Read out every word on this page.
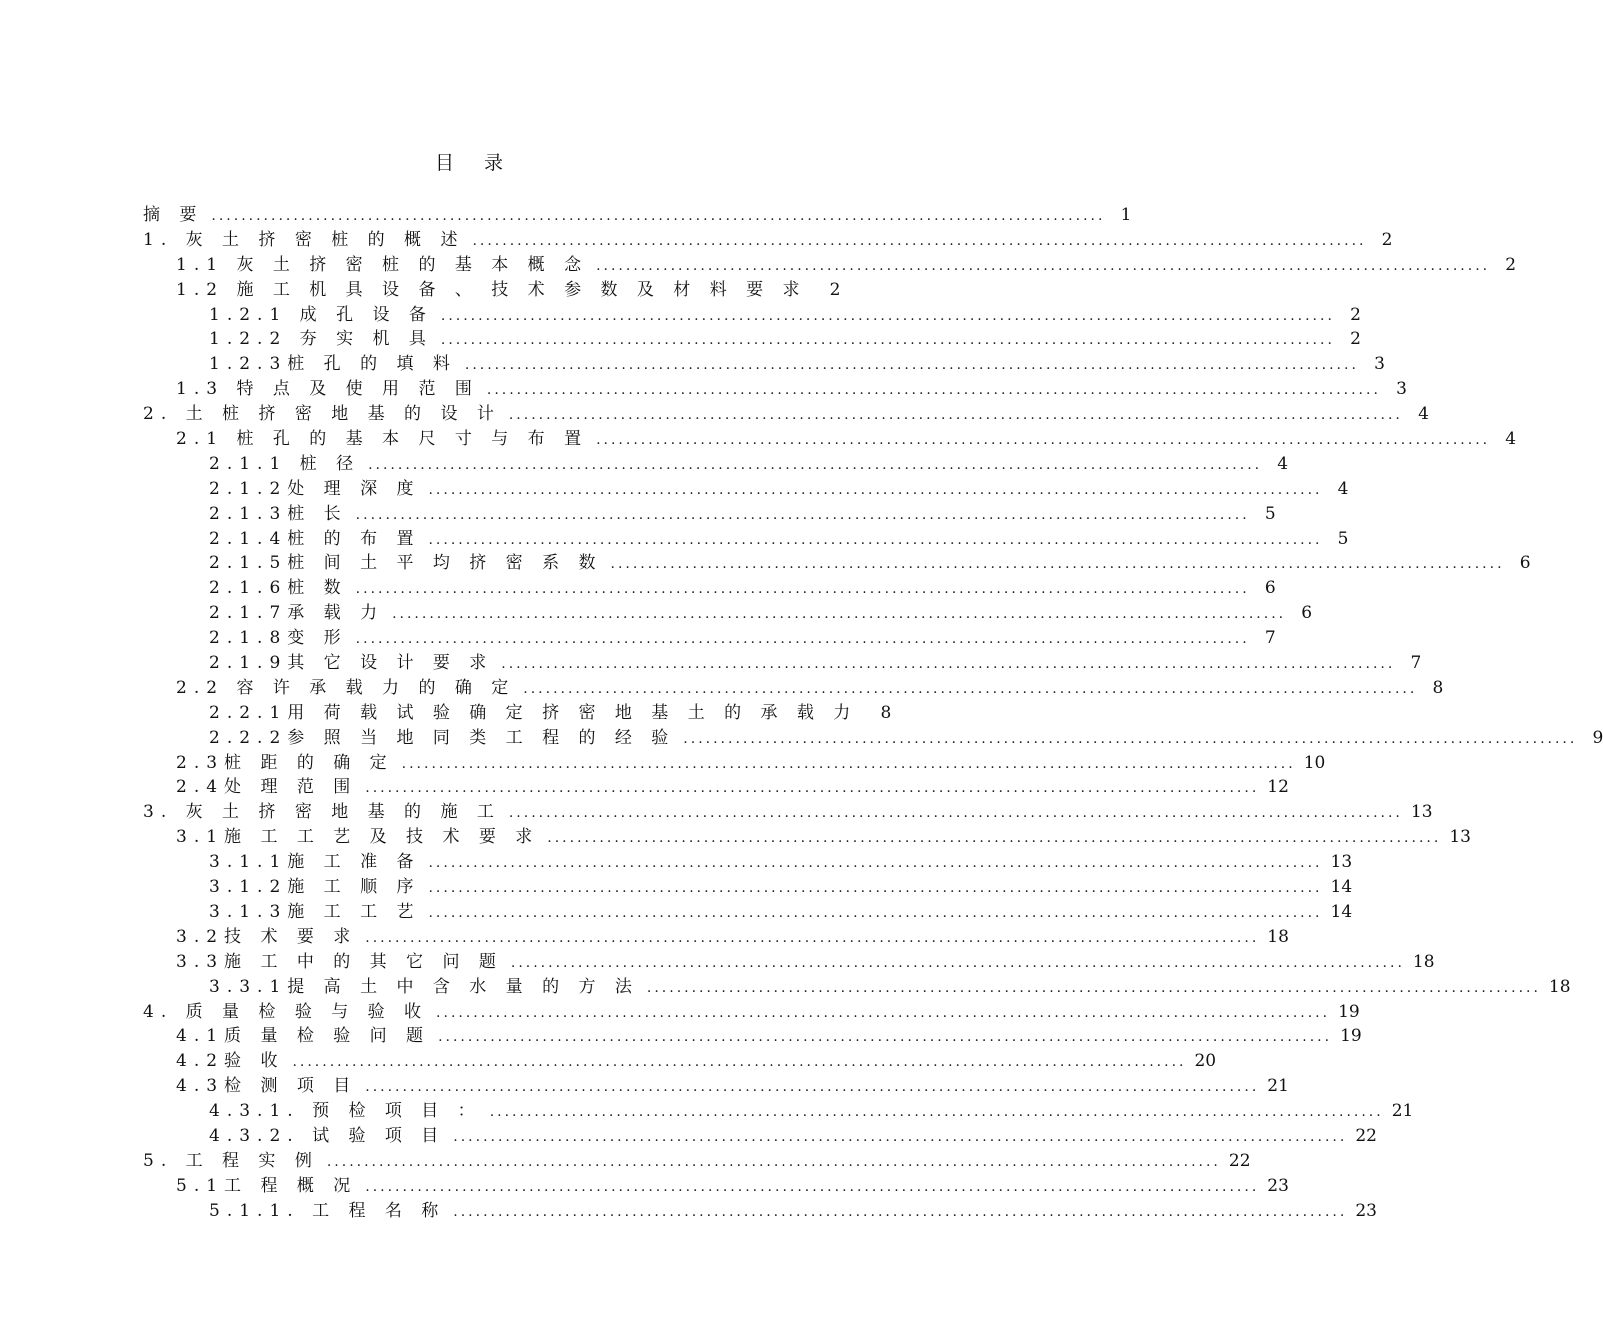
目 录
摘 要 ........................................................................................................................ 1
1. 灰 土 挤 密 桩 的 概 述 ........................................................................................................................ 2
1.1 灰 土 挤 密 桩 的 基 本 概 念 ........................................................................................................................ 2
1.2 施 工 机 具 设 备 、 技 术 参 数 及 材 料 要 求	2
1.2.1 成 孔 设 备 ........................................................................................................................ 2
1.2.2 夯 实 机 具 ........................................................................................................................ 2
1.2.3桩 孔 的 填 料 ........................................................................................................................ 3
1.3 特 点 及 使 用 范 围 ........................................................................................................................ 3
2. 土 桩 挤 密 地 基 的 设 计 ........................................................................................................................ 4
2.1 桩 孔 的 基 本 尺 寸 与 布 置 ........................................................................................................................ 4
2.1.1 桩 径 ........................................................................................................................ 4
2.1.2处 理 深 度 ........................................................................................................................ 4
2.1.3桩 长 ........................................................................................................................ 5
2.1.4桩 的 布 置 ........................................................................................................................ 5
2.1.5桩 间 土 平 均 挤 密 系 数 ........................................................................................................................ 6
2.1.6桩 数 ........................................................................................................................ 6
2.1.7承 载 力 ........................................................................................................................ 6
2.1.8变 形 ........................................................................................................................ 7
2.1.9其 它 设 计 要 求 ........................................................................................................................ 7
2.2 容 许 承 载 力 的 确 定 ........................................................................................................................ 8
2.2.1用 荷 载 试 验 确 定 挤 密 地 基 土 的 承 载 力	8
2.2.2参 照 当 地 同 类 工 程 的 经 验 ........................................................................................................................ 9
2.3桩 距 的 确 定 ........................................................................................................................ 10
2.4处 理 范 围 ........................................................................................................................ 12
3. 灰 土 挤 密 地 基 的 施 工 ........................................................................................................................ 13
3.1施 工 工 艺 及 技 术 要 求 ........................................................................................................................ 13
3.1.1施 工 准 备 ........................................................................................................................ 13
3.1.2施 工 顺 序 ........................................................................................................................ 14
3.1.3施 工 工 艺 ........................................................................................................................ 14
3.2技 术 要 求 ........................................................................................................................ 18
3.3施 工 中 的 其 它 问 题 ........................................................................................................................ 18
3.3.1提 高 土 中 含 水 量 的 方 法 ........................................................................................................................ 18
4. 质 量 检 验 与 验 收 ........................................................................................................................ 19
4.1质 量 检 验 问 题 ........................................................................................................................ 19
4.2验 收 ........................................................................................................................ 20
4.3检 测 项 目 ........................................................................................................................ 21
4.3.1. 预 检 项 目 ： ........................................................................................................................ 21
4.3.2. 试 验 项 目 ........................................................................................................................ 22
5. 工 程 实 例 ........................................................................................................................ 22
5.1工 程 概 况 ........................................................................................................................ 23
5.1.1. 工 程 名 称 ........................................................................................................................ 23
